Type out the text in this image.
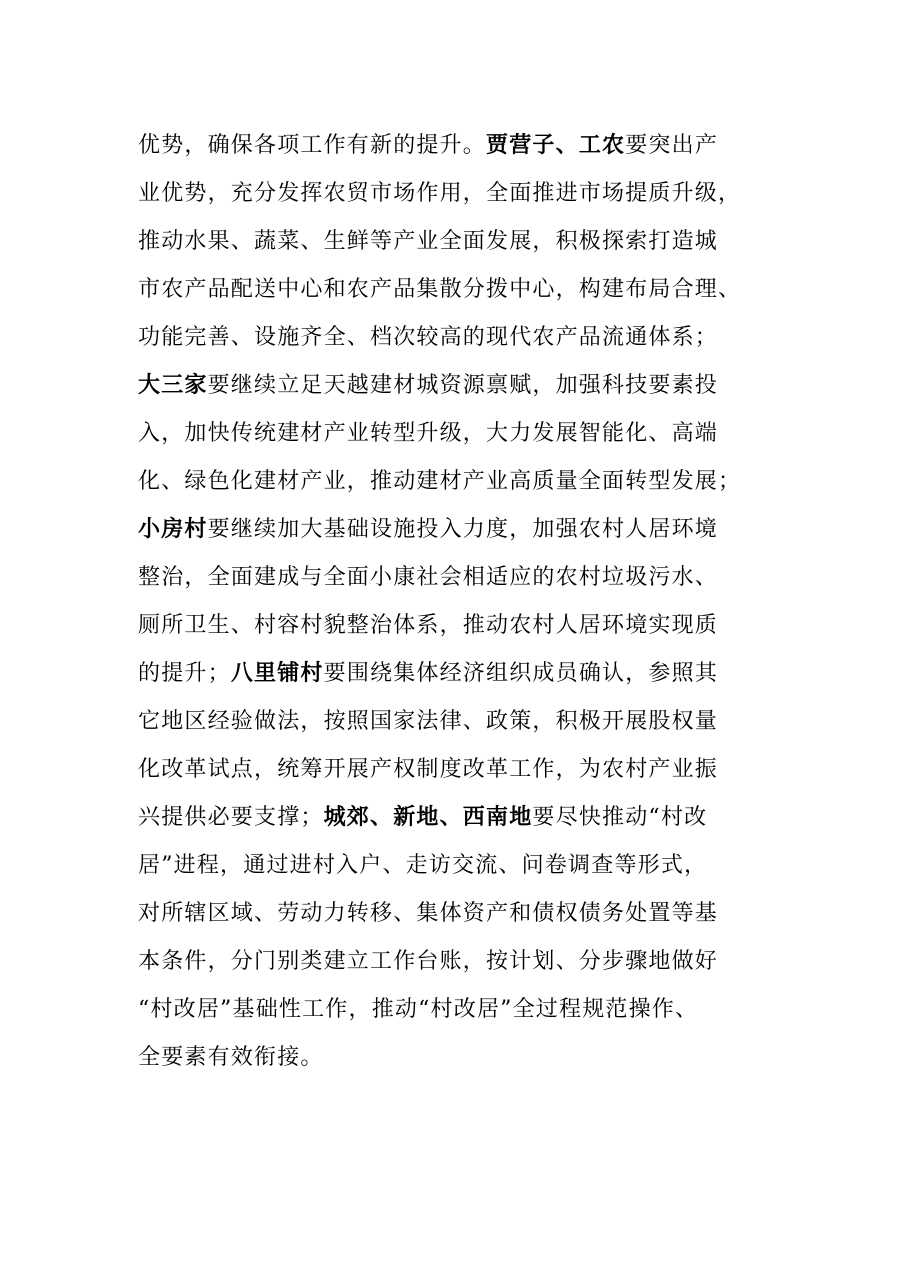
优势，确保各项工作有新的提升。贾营子、工农要突出产
业优势，充分发挥农贸市场作用，全面推进市场提质升级，
推动水果、蔬菜、生鲜等产业全面发展，积极探索打造城
市农产品配送中心和农产品集散分拨中心，构建布局合理、
功能完善、设施齐全、档次较高的现代农产品流通体系；
大三家要继续立足天越建材城资源禀赋，加强科技要素投
入，加快传统建材产业转型升级，大力发展智能化、高端
化、绿色化建材产业，推动建材产业高质量全面转型发展；
小房村要继续加大基础设施投入力度，加强农村人居环境
整治，全面建成与全面小康社会相适应的农村垃圾污水、
厕所卫生、村容村貌整治体系，推动农村人居环境实现质
的提升；八里铺村要围绕集体经济组织成员确认，参照其
它地区经验做法，按照国家法律、政策，积极开展股权量
化改革试点，统筹开展产权制度改革工作，为农村产业振
兴提供必要支撑；城郊、新地、西南地要尽快推动“村改
居”进程，通过进村入户、走访交流、问卷调查等形式，
对所辖区域、劳动力转移、集体资产和债权债务处置等基
本条件，分门别类建立工作台账，按计划、分步骤地做好
“村改居”基础性工作，推动“村改居”全过程规范操作、
全要素有效衔接。
